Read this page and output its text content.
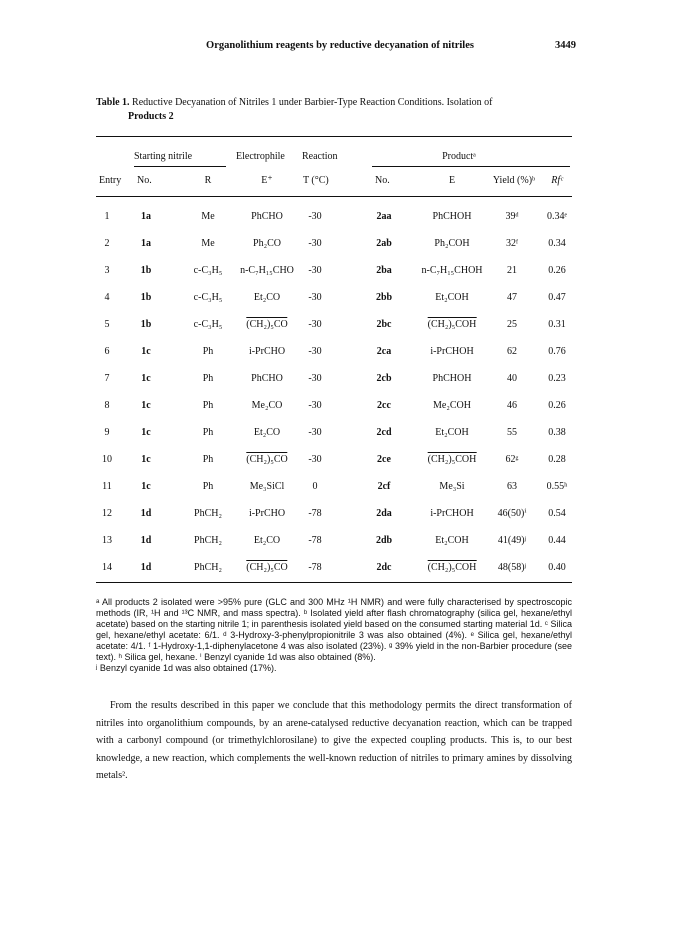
Organolithium reagents by reductive decyanation of nitriles	3449
Table 1. Reductive Decyanation of Nitriles 1 under Barbier-Type Reaction Conditions. Isolation of
Products 2
Starting nitrile	Electrophile Reaction	Productᵃ
Entry No.	R	E⁺	T (°C)	No.	E	Yield (%)ᵇ Rfᶜ
1	1a	Me	PhCHO	-30	2aa	PhCHOH	39ᵈ	0.34ᵉ
2	1a	Me	Ph₂CO	-30	2ab	Ph₂COH	32ᶠ	0.34
3	1b	c-C₃H₅ n-C₇H₁₅CHO -30	2ba	n-C₇H₁₅CHOH 21	0.26
4	1b	c-C₃H₅	Et₂CO	-30	2bb	Et₂COH	47	0.47
5	1b	c-C₃H₅ (CH₂)₅CO -30	2bc	(CH₂)₅COH	25	0.31
6	1c	Ph	i-PrCHO -30	2ca	i-PrCHOH	62	0.76
7	1c	Ph	PhCHO	-30	2cb	PhCHOH	40	0.23
8	1c	Ph	Me₂CO	-30	2cc	Me₂COH	46	0.26
9	1c	Ph	Et₂CO	-30	2cd	Et₂COH	55	0.38
10	1c	Ph	(CH₂)₅CO -30	2ce	(CH₂)₅COH	62ᵍ	0.28
11	1c	Ph	Me₃SiCl	0	2cf	Me₃Si	63	0.55ʰ
12	1d	PhCH₂	i-PrCHO -78	2da	i-PrCHOH 46(50)ⁱ 0.54
13	1d	PhCH₂	Et₂CO	-78	2db	Et₂COH	41(49)ʲ 0.44
14	1d	PhCH₂ (CH₂)₅CO -78	2dc	(CH₂)₅COH 48(58)ʲ 0.40

ᵃ All products 2 isolated were >95% pure (GLC and 300 MHz ¹H NMR) and were fully characterised by spectroscopic methods (IR, ¹H and ¹³C NMR, and mass spectra). ᵇ Isolated yield after flash chromatography (silica gel, hexane/ethyl acetate) based on the starting nitrile 1; in parenthesis isolated yield based on the consumed starting material 1d. ᶜ Silica gel, hexane/ethyl acetate: 6/1. ᵈ 3-Hydroxy-3-phenylpropionitrile 3 was also obtained (4%). ᵉ Silica gel, hexane/ethyl acetate: 4/1. ᶠ 1-Hydroxy-1,1-diphenylacetone 4 was also isolated (23%). ᵍ 39% yield in the non-Barbier procedure (see text). ʰ Silica gel, hexane. ⁱ Benzyl cyanide 1d was also obtained (8%).

ʲ Benzyl cyanide 1d was also obtained (17%).

From the results described in this paper we conclude that this methodology permits the direct transformation of nitriles into organolithium compounds, by an arene-catalysed reductive decyanation reaction, which can be trapped with a carbonyl compound (or trimethylchlorosilane) to give the expected coupling products. This is, to our best knowledge, a new reaction, which complements the well-known reduction of nitriles to primary amines by dissolving metals².
